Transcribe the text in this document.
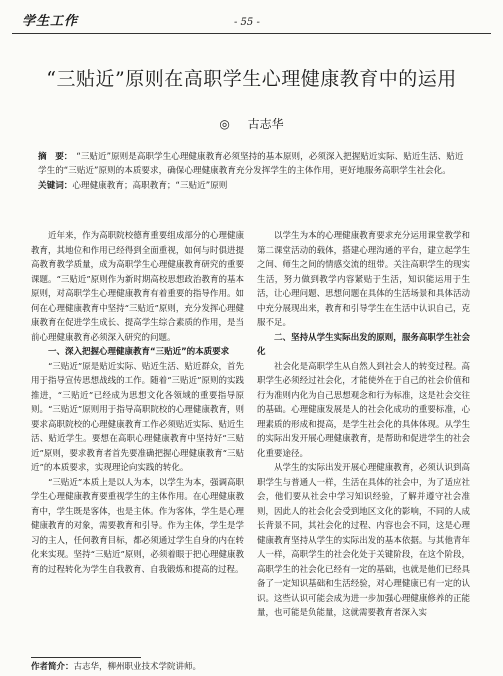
学生工作	- 55 -
“三贴近”原则在高职学生心理健康教育中的运用
◎ 古志华
摘　要： “三贴近”原则是高职学生心理健康教育必须坚持的基本原则，必须深入把握贴近实际、贴近生活、贴近学生的“三贴近”原则的本质要求，确保心理健康教育充分发挥学生的主体作用，更好地服务高职学生社会化。
关键词：心理健康教育；高职教育；“三贴近”原则

近年来，作为高职院校德育重要组成部分的心理健康教育，其地位和作用已经得到全面重视，如何与时俱进提高教育教学质量，成为高职学生心理健康教育研究的重要课题。“三贴近”原则作为新时期高校思想政治教育的基本原则，对高职学生心理健康教育有着重要的指导作用。如何在心理健康教育中坚持“三贴近”原则，充分发挥心理健康教育在促进学生成长、提高学生综合素质的作用，是当前心理健康教育必须深入研究的问题。

一、深入把握心理健康教育“三贴近”的本质要求

“三贴近”原是贴近实际、贴近生活、贴近群众，首先用于指导宣传思想战线的工作。随着“三贴近”原则的实践推进，“三贴近”已经成为思想文化各领域的重要指导原则。“三贴近”原则用于指导高职院校的心理健康教育，则要求高职院校的心理健康教育工作必须贴近实际、贴近生活、贴近学生。要想在高职心理健康教育中坚持好“三贴近”原则，要求教育者首先要准确把握心理健康教育“三贴近”的本质要求，实现理论向实践的转化。

“三贴近”本质上是以人为本，以学生为本，强调高职学生心理健康教育要重视学生的主体作用。在心理健康教育中，学生既是客体，也是主体。作为客体，学生是心理健康教育的对象，需要教育和引导。作为主体，学生是学习的主人，任何教育目标，都必须通过学生自身的内在转化来实现。坚持“三贴近”原则，必须着眼于把心理健康教育的过程转化为学生自我教育、自我锻炼和提高的过程。

以学生为本的心理健康教育要求充分运用课堂教学和第二课堂活动的载体，搭建心理沟通的平台，建立起学生之间、师生之间的情感交流的纽带。关注高职学生的现实生活，努力做到教学内容紧贴于生活，知识能运用于生活，让心理问题、思想问题在具体的生活场景和具体活动中充分展现出来，教育和引导学生在生活中认识自己，克服不足。

二、坚持从学生实际出发的原则，服务高职学生社会化

社会化是高职学生从自然人到社会人的转变过程。高职学生必须经过社会化，才能使外在于自己的社会价值和行为准则内化为自己思想观念和行为标准，这是社会交往的基础。心理健康发展是人的社会化成功的重要标准，心理素质的形成和提高，是学生社会化的具体体现。从学生的实际出发开展心理健康教育，是帮助和促进学生的社会化重要途径。

从学生的实际出发开展心理健康教育，必须认识到高职学生与普通人一样，生活在具体的社会中，为了适应社会，他们要从社会中学习知识经验，了解并遵守社会准则，因此人的社会化会受到地区文化的影响，不同的人成长背景不同，其社会化的过程、内容也会不同，这是心理健康教育坚持从学生的实际出发的基本依据。与其他青年人一样，高职学生的社会化处于关键阶段，在这个阶段，高职学生的社会化已经有一定的基础，也就是他们已经具备了一定知识基础和生活经验，对心理健康已有一定的认识。这些认识可能会成为进一步加强心理健康修养的正能量，也可能是负能量，这就需要教育者深入实

作者简介：古志华，柳州职业技术学院讲师。
